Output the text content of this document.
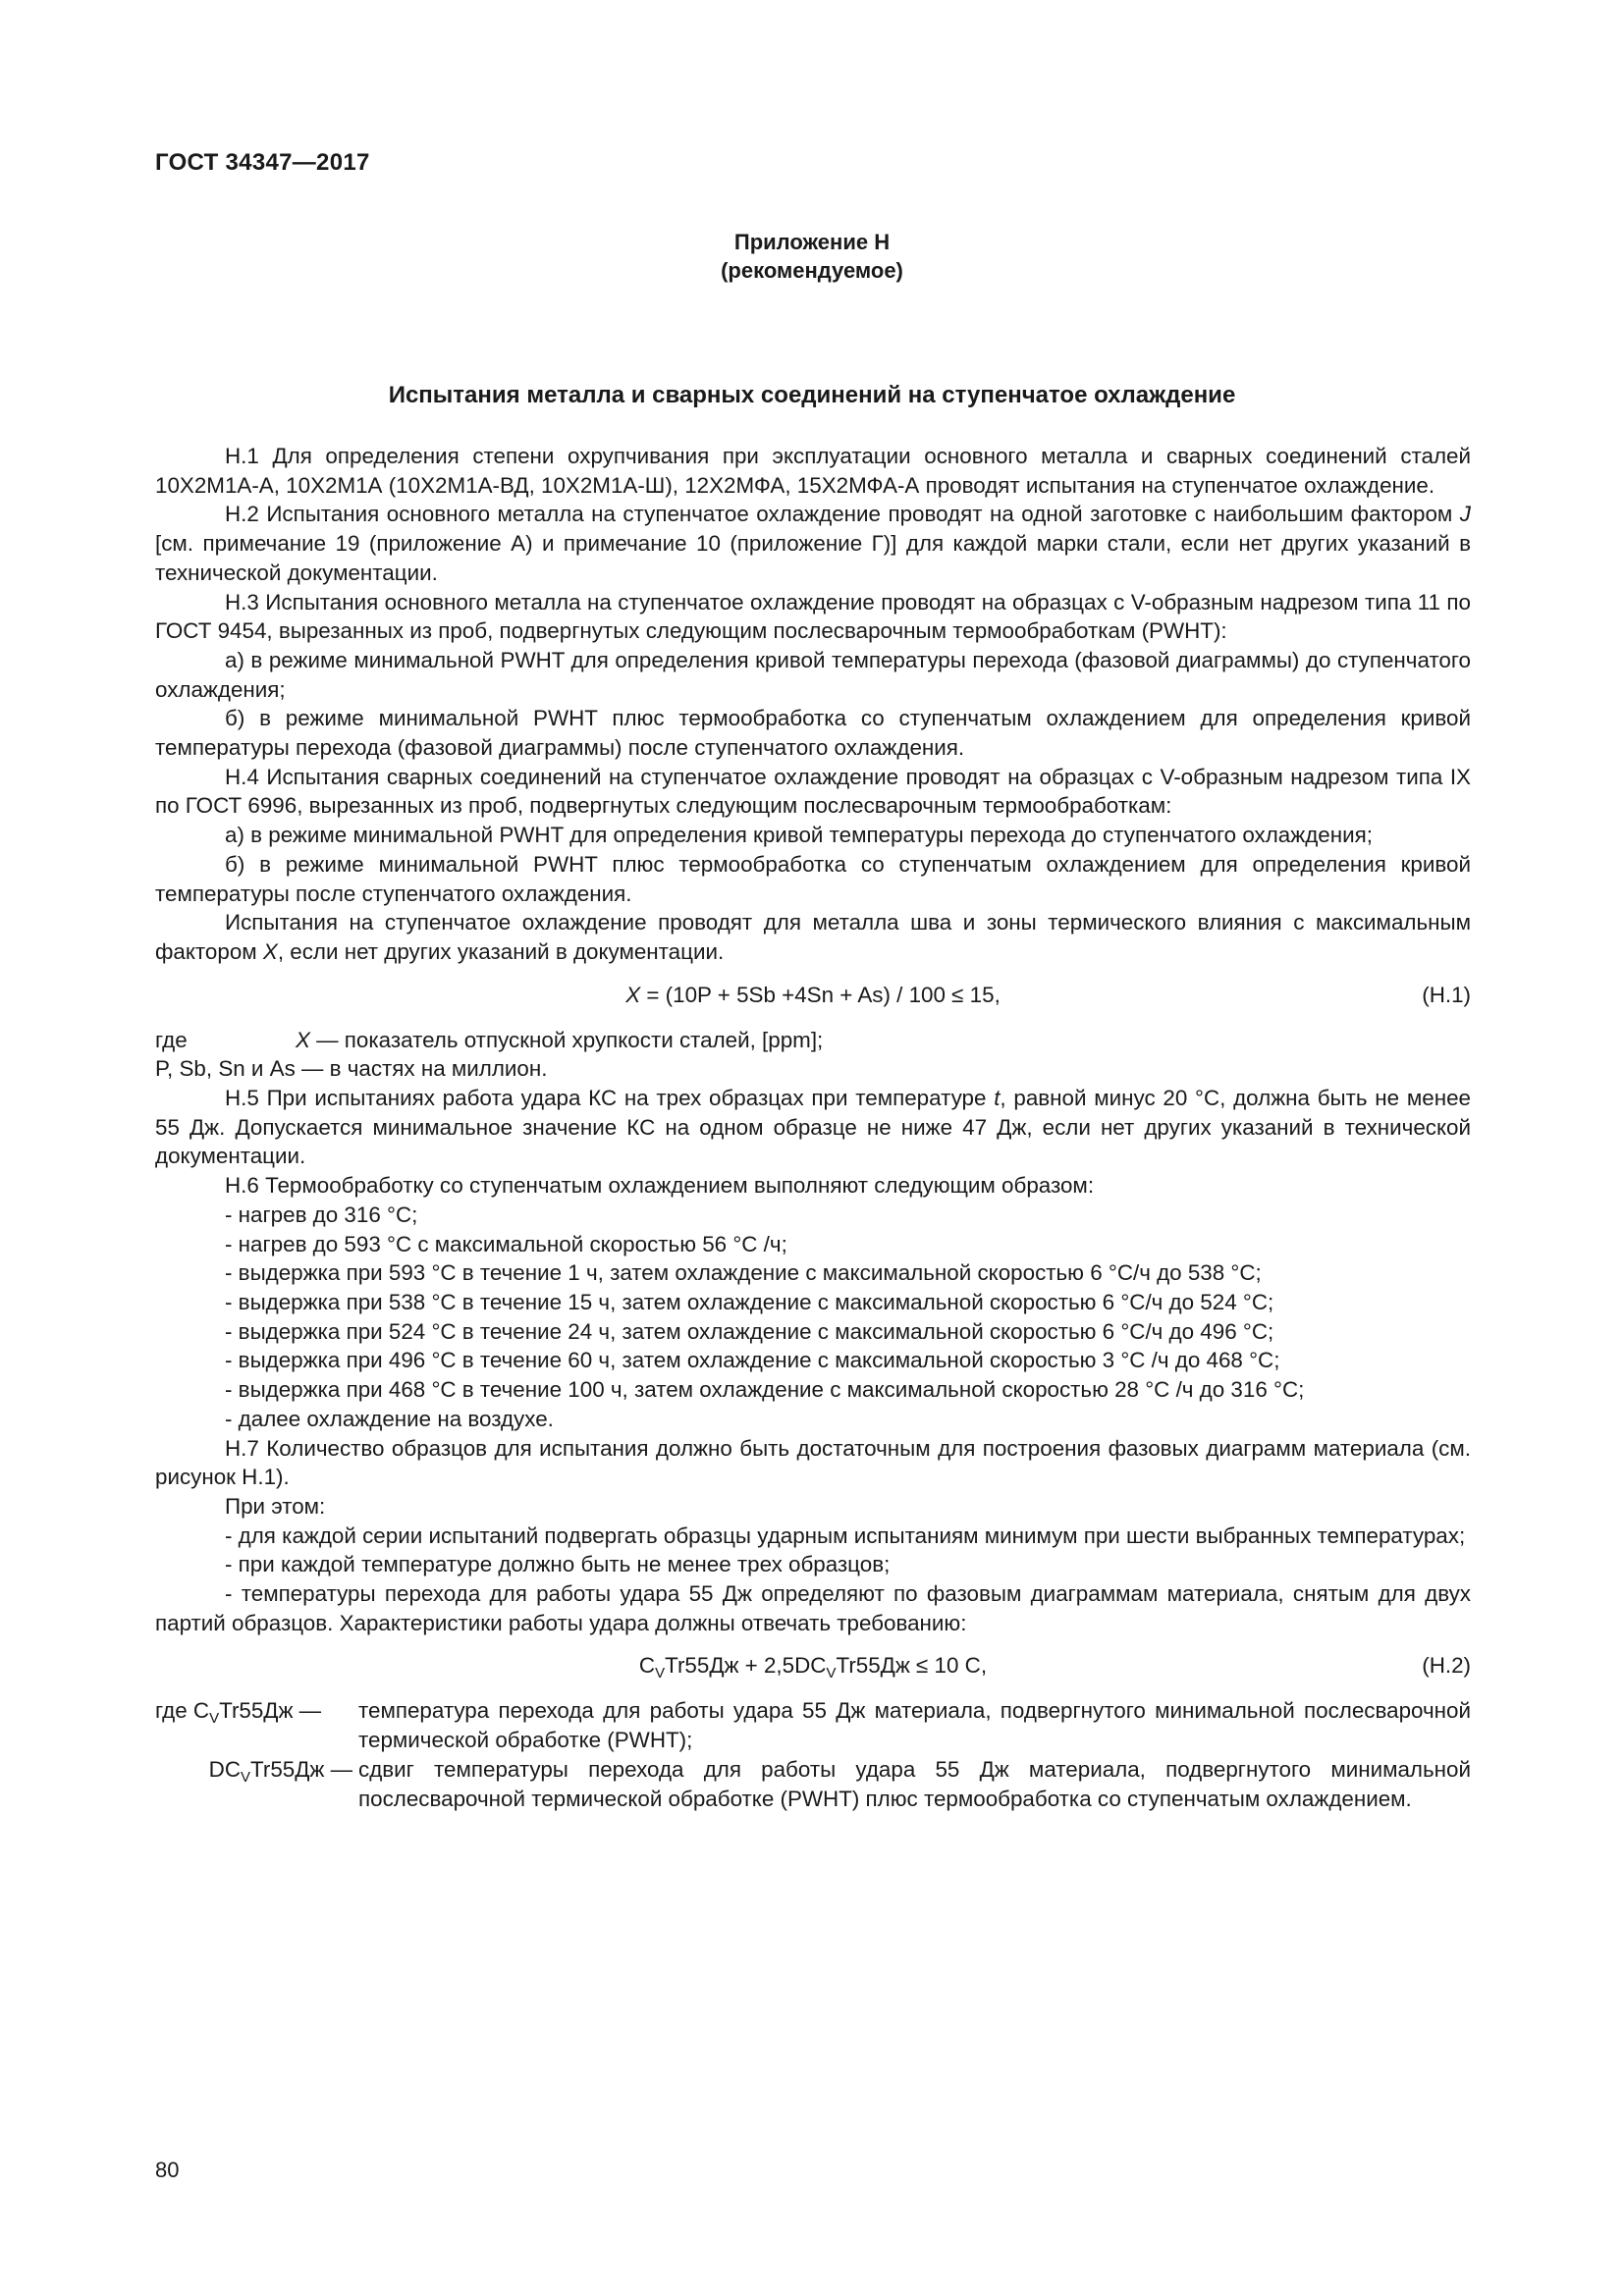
ГОСТ 34347—2017
Приложение Н
(рекомендуемое)
Испытания металла и сварных соединений на ступенчатое охлаждение

Н.1 Для определения степени охрупчивания при эксплуатации основного металла и сварных соединений сталей 10Х2М1А-А, 10Х2М1А (10Х2М1А-ВД, 10Х2М1А-Ш), 12Х2МФА, 15Х2МФА-А проводят испытания на ступенчатое охлаждение.

Н.2 Испытания основного металла на ступенчатое охлаждение проводят на одной заготовке с наибольшим фактором J [см. примечание 19 (приложение А) и примечание 10 (приложение Г)] для каждой марки стали, если нет других указаний в технической документации.

Н.3 Испытания основного металла на ступенчатое охлаждение проводят на образцах с V-образным надрезом типа 11 по ГОСТ 9454, вырезанных из проб, подвергнутых следующим послесварочным термообработкам (PWHT):

а) в режиме минимальной PWHT для определения кривой температуры перехода (фазовой диаграммы) до ступенчатого охлаждения;

б) в режиме минимальной PWHT плюс термообработка со ступенчатым охлаждением для определения кривой температуры перехода (фазовой диаграммы) после ступенчатого охлаждения.

Н.4 Испытания сварных соединений на ступенчатое охлаждение проводят на образцах с V-образным надрезом типа IX по ГОСТ 6996, вырезанных из проб, подвергнутых следующим послесварочным термообработкам:

а) в режиме минимальной PWHT для определения кривой температуры перехода до ступенчатого охлаждения;

б) в режиме минимальной PWHT плюс термообработка со ступенчатым охлаждением для определения кривой температуры после ступенчатого охлаждения.

Испытания на ступенчатое охлаждение проводят для металла шва и зоны термического влияния с максимальным фактором X, если нет других указаний в документации.

X = (10P + 5Sb +4Sn + As) / 100 ≤ 15,	(Н.1)
где	X — показатель отпускной хрупкости сталей, [ppm];

P, Sb, Sn и As — в частях на миллион.

Н.5 При испытаниях работа удара КС на трех образцах при температуре t, равной минус 20 °С, должна быть не менее 55 Дж. Допускается минимальное значение КС на одном образце не ниже 47 Дж, если нет других указаний в технической документации.

Н.6 Термообработку со ступенчатым охлаждением выполняют следующим образом:

- нагрев до 316 °С;

- нагрев до 593 °С с максимальной скоростью 56 °С /ч;

- выдержка при 593 °С в течение 1 ч, затем охлаждение с максимальной скоростью 6 °С/ч до 538 °С;

- выдержка при 538 °С в течение 15 ч, затем охлаждение с максимальной скоростью 6 °С/ч до 524 °С;

- выдержка при 524 °С в течение 24 ч, затем охлаждение с максимальной скоростью 6 °С/ч до 496 °С;

- выдержка при 496 °С в течение 60 ч, затем охлаждение с максимальной скоростью 3 °С /ч до 468 °С;

- выдержка при 468 °С в течение 100 ч, затем охлаждение с максимальной скоростью 28 °С /ч до 316 °С;

- далее охлаждение на воздухе.

Н.7 Количество образцов для испытания должно быть достаточным для построения фазовых диаграмм материала (см. рисунок Н.1).

При этом:

- для каждой серии испытаний подвергать образцы ударным испытаниям минимум при шести выбранных температурах;

- при каждой температуре должно быть не менее трех образцов;

- температуры перехода для работы удара 55 Дж определяют по фазовым диаграммам материала, снятым для двух партий образцов. Характеристики работы удара должны отвечать требованию:

$C_VTr55Дж + 2,5DC_VTr55Дж \le 10$ С,	(Н.2)
где $C_VTr55Дж$ —	температура перехода для работы удара 55 Дж материала, подвергнутого минимальной послесварочной термической обработке (PWHT);
$DC_VTr55Дж$ — сдвиг температуры перехода для работы удара 55 Дж материала, подвергнутого минимальной послесварочной термической обработке (PWHT) плюс термообработка со ступенчатым охлаждением.
80
